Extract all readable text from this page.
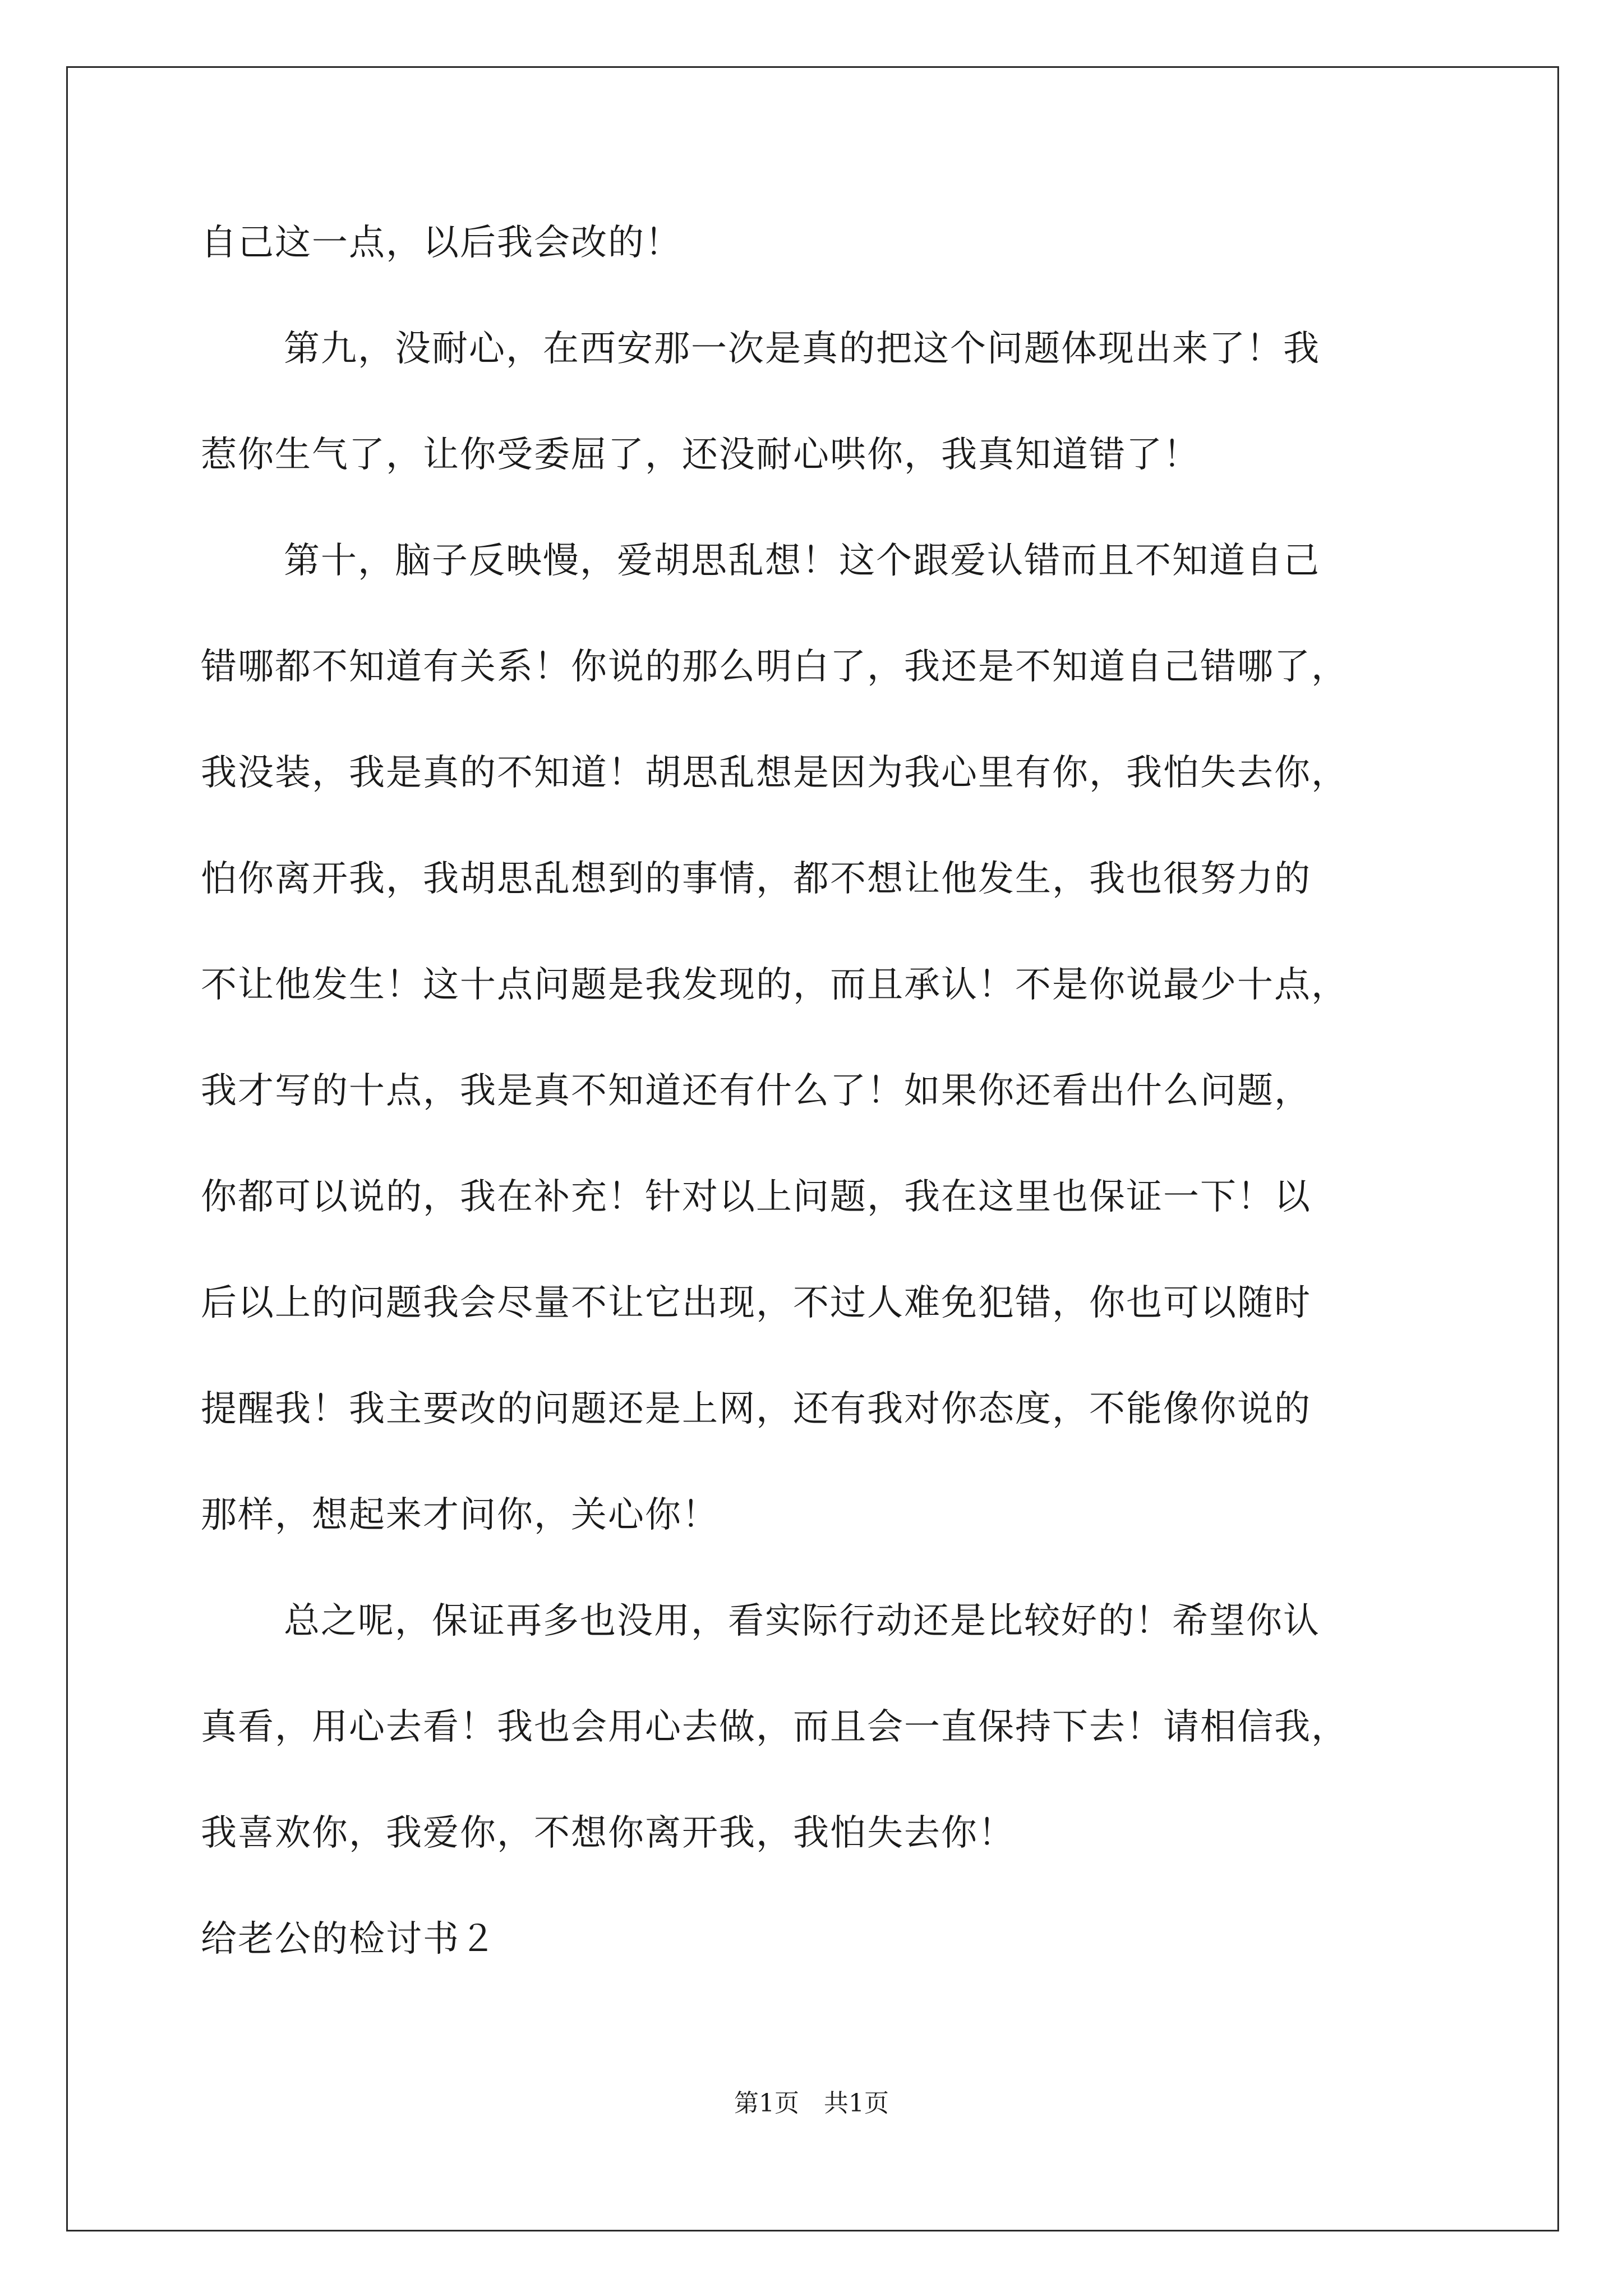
自己这一点，以后我会改的！
第九，没耐心，在西安那一次是真的把这个问题体现出来了！我
惹你生气了，让你受委屈了，还没耐心哄你，我真知道错了！
第十，脑子反映慢，爱胡思乱想！这个跟爱认错而且不知道自己
错哪都不知道有关系！你说的那么明白了，我还是不知道自己错哪了，
我没装，我是真的不知道！胡思乱想是因为我心里有你，我怕失去你，
怕你离开我，我胡思乱想到的事情，都不想让他发生，我也很努力的
不让他发生！这十点问题是我发现的，而且承认！不是你说最少十点，
我才写的十点，我是真不知道还有什么了！如果你还看出什么问题，
你都可以说的，我在补充！针对以上问题，我在这里也保证一下！以
后以上的问题我会尽量不让它出现，不过人难免犯错，你也可以随时
提醒我！我主要改的问题还是上网，还有我对你态度，不能像你说的
那样，想起来才问你，关心你！
总之呢，保证再多也没用，看实际行动还是比较好的！希望你认
真看，用心去看！我也会用心去做，而且会一直保持下去！请相信我，
我喜欢你，我爱你，不想你离开我，我怕失去你！
给老公的检讨书２
第1页　共1页
